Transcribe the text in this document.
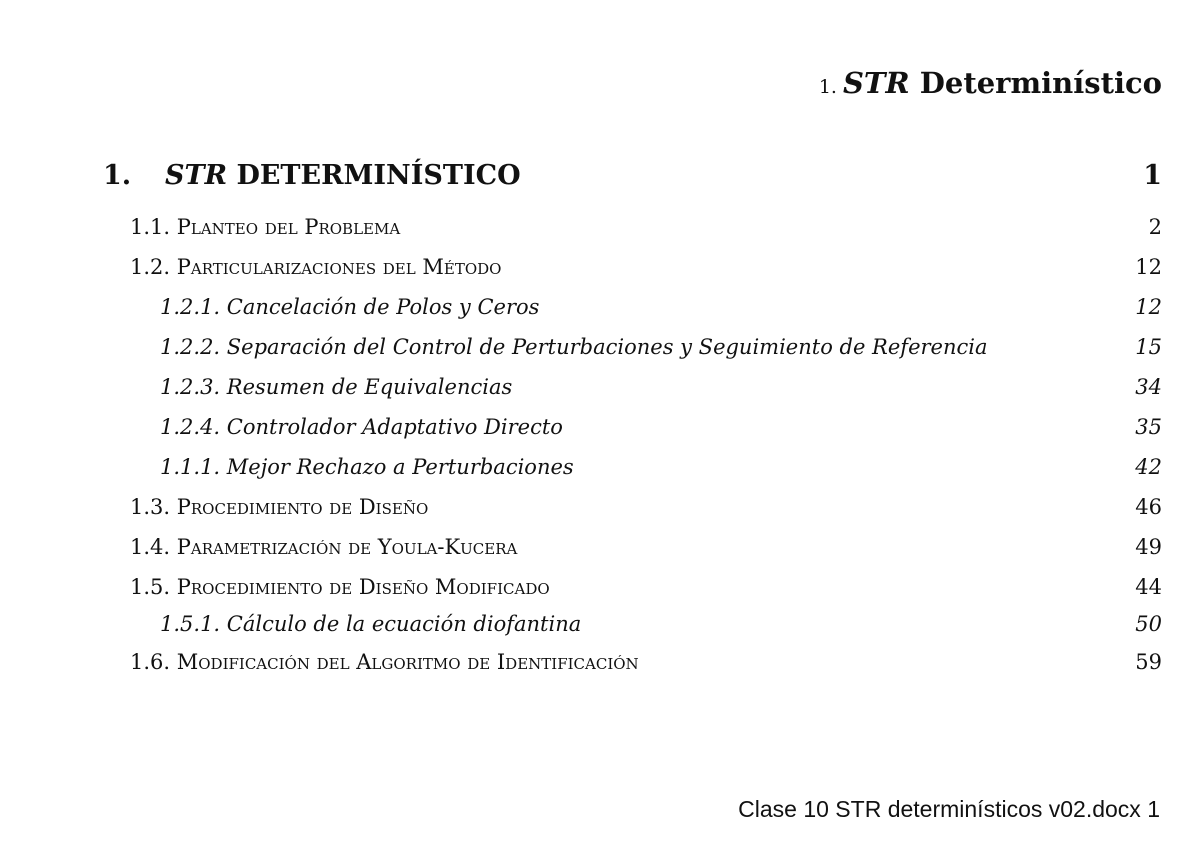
1. STR Determinístico
1. STR DETERMINÍSTICO	1
1.1. Planteo del Problema	2
1.2. Particularizaciones del Método	12
1.2.1. Cancelación de Polos y Ceros	12
1.2.2. Separación del Control de Perturbaciones y Seguimiento de Referencia	15
1.2.3. Resumen de Equivalencias	34
1.2.4. Controlador Adaptativo Directo	35
1.1.1. Mejor Rechazo a Perturbaciones	42
1.3. Procedimiento de Diseño	46
1.4. Parametrización de Youla-Kucera	49
1.5. Procedimiento de Diseño Modificado	44
1.5.1. Cálculo de la ecuación diofantina	50
1.6. Modificación del Algoritmo de Identificación	59
Clase 10 STR determinísticos v02.docx 1
